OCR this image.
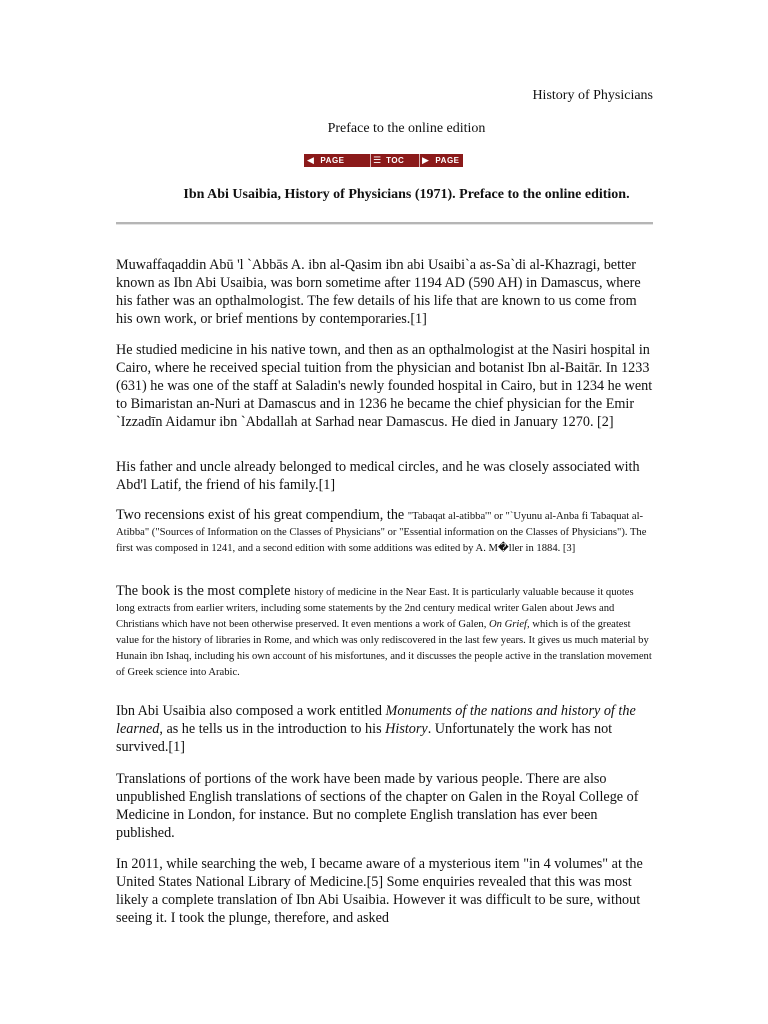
History of Physicians
Preface to the online edition
◀ PAGE	☰ TOC ▶ PAGE
Ibn Abi Usaibia, History of Physicians (1971). Preface to the online edition.

Muwaffaqaddin Abū 'l `Abbās A. ibn al-Qasim ibn abi Usaibi`a as-Sa`di al-Khazragi, better known as Ibn Abi Usaibia, was born sometime after 1194 AD (590 AH) in Damascus, where his father was an opthalmologist. The few details of his life that are known to us come from his own work, or brief mentions by contemporaries.[1]

He studied medicine in his native town, and then as an opthalmologist at the Nasiri hospital in Cairo, where he received special tuition from the physician and botanist Ibn al-Baitār. In 1233 (631) he was one of the staff at Saladin's newly founded hospital in Cairo, but in 1234 he went to Bimaristan an-Nuri at Damascus and in 1236 he became the chief physician for the Emir `Izzadīn Aidamur ibn `Abdallah at Sarhad near Damascus. He died in January 1270. [2]

His father and uncle already belonged to medical circles, and he was closely associated with Abd'l Latif, the friend of his family.[1]

Two recensions exist of his great compendium, the "Tabaqat al-atibba'" or "`Uyunu al-Anba fi Tabaquat al- Atibba" ("Sources of Information on the Classes of Physicians" or "Essential information on the Classes of Physicians"). The first was composed in 1241, and a second edition with some additions was edited by A. M�ller in 1884. [3]

The book is the most complete history of medicine in the Near East. It is particularly valuable because it quotes long extracts from earlier writers, including some statements by the 2nd century medical writer Galen about Jews and Christians which have not been otherwise preserved. It even mentions a work of Galen, On Grief, which is of the greatest value for the history of libraries in Rome, and which was only rediscovered in the last few years. It gives us much material by Hunain ibn Ishaq, including his own account of his misfortunes, and it discusses the people active in the translation movement of Greek science into Arabic.

Ibn Abi Usaibia also composed a work entitled Monuments of the nations and history of the learned, as he tells us in the introduction to his History. Unfortunately the work has not survived.[1]

Translations of portions of the work have been made by various people. There are also unpublished English translations of sections of the chapter on Galen in the Royal College of Medicine in London, for instance. But no complete English translation has ever been published.

In 2011, while searching the web, I became aware of a mysterious item "in 4 volumes" at the United States National Library of Medicine.[5] Some enquiries revealed that this was most likely a complete translation of Ibn Abi Usaibia. However it was difficult to be sure, without seeing it. I took the plunge, therefore, and asked
